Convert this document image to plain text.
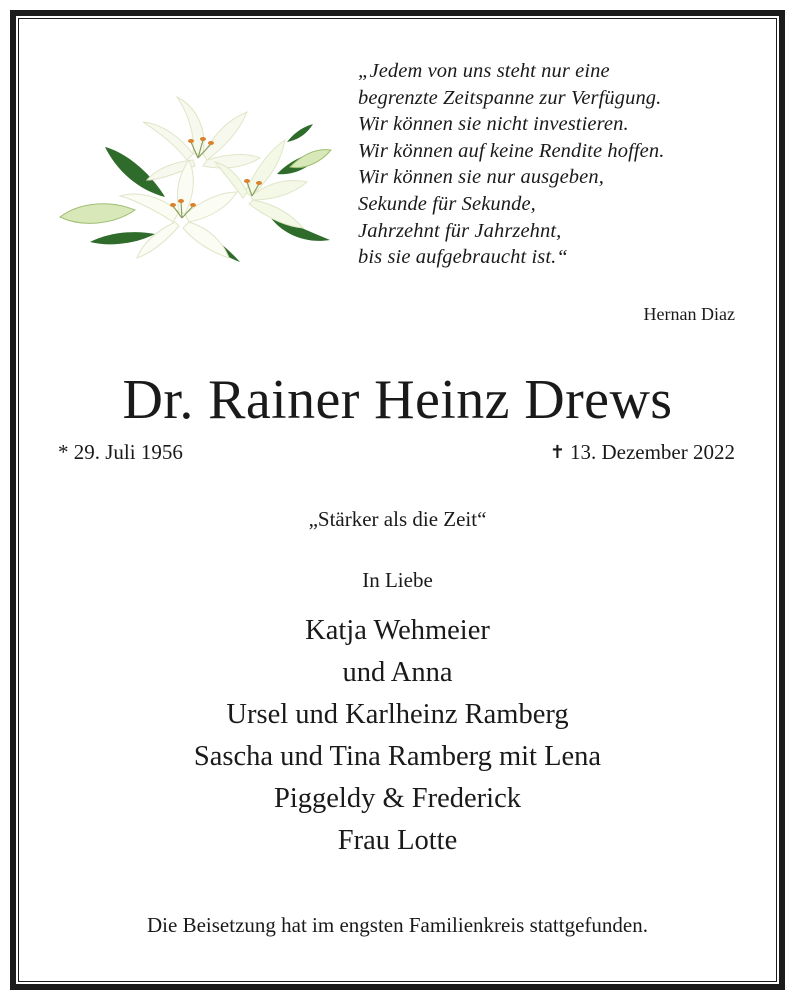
„Jedem von uns steht nur eine
begrenzte Zeitspanne zur Verfügung.
Wir können sie nicht investieren.
Wir können auf keine Rendite hoffen.
Wir können sie nur ausgeben,
Sekunde für Sekunde,
Jahrzehnt für Jahrzehnt,
bis sie aufgebraucht ist.“
Hernan Diaz
Dr. Rainer Heinz Drews
* 29. Juli 1956	✝ 13. Dezember 2022
„Stärker als die Zeit“
In Liebe
Katja Wehmeier
und Anna
Ursel und Karlheinz Ramberg
Sascha und Tina Ramberg mit Lena
Piggeldy & Frederick
Frau Lotte
Die Beisetzung hat im engsten Familienkreis stattgefunden.
